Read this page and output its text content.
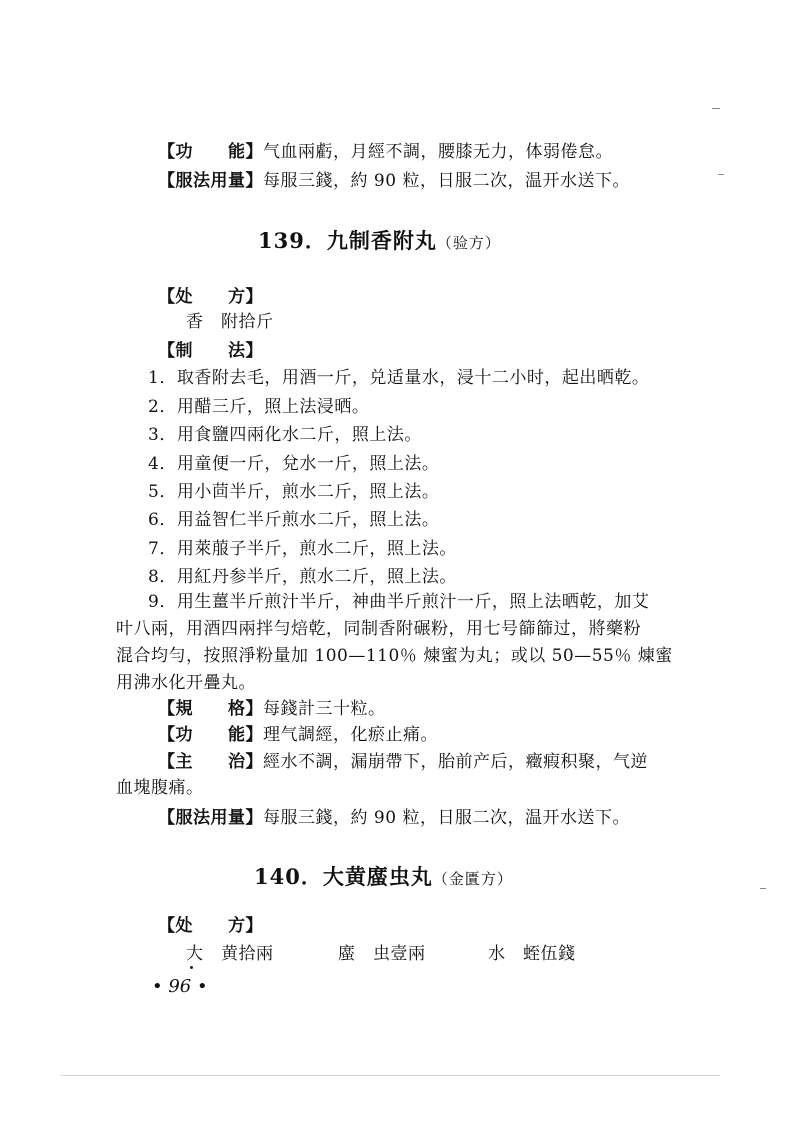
【功　　能】气血兩虧，月經不調，腰膝无力，体弱倦怠。
【服法用量】每服三錢，約 90 粒，日服二次，温开水送下。
139．九制香附丸（验方）
【处　　方】
香　附拾斤
【制　　法】
1．取香附去毛，用酒一斤，兑适量水，浸十二小时，起出晒乾。
2．用醋三斤，照上法浸晒。
3．用食鹽四兩化水二斤，照上法。
4．用童便一斤，兌水一斤，照上法。
5．用小茴半斤，煎水二斤，照上法。
6．用益智仁半斤煎水二斤，照上法。
7．用萊菔子半斤，煎水二斤，照上法。
8．用紅丹参半斤，煎水二斤，照上法。
9．用生薑半斤煎汁半斤，神曲半斤煎汁一斤，照上法晒乾，加艾
叶八兩，用酒四兩拌勻焙乾，同制香附碾粉，用七号篩篩过，將藥粉
混合均勻，按照淨粉量加 100—110％ 煉蜜为丸；或以 50—55％ 煉蜜
用沸水化开疊丸。
【規　　格】每錢計三十粒。
【功　　能】理气調經，化瘀止痛。
【主　　治】經水不調，漏崩帶下，胎前产后，癥瘕积聚，气逆
血塊腹痛。
【服法用量】每服三錢，約 90 粒，日服二次，温开水送下。
140．大黄䗪虫丸（金匱方）
【处　　方】
大　黄拾兩	䗪　虫壹兩	水　蛭伍錢
• 96 •
